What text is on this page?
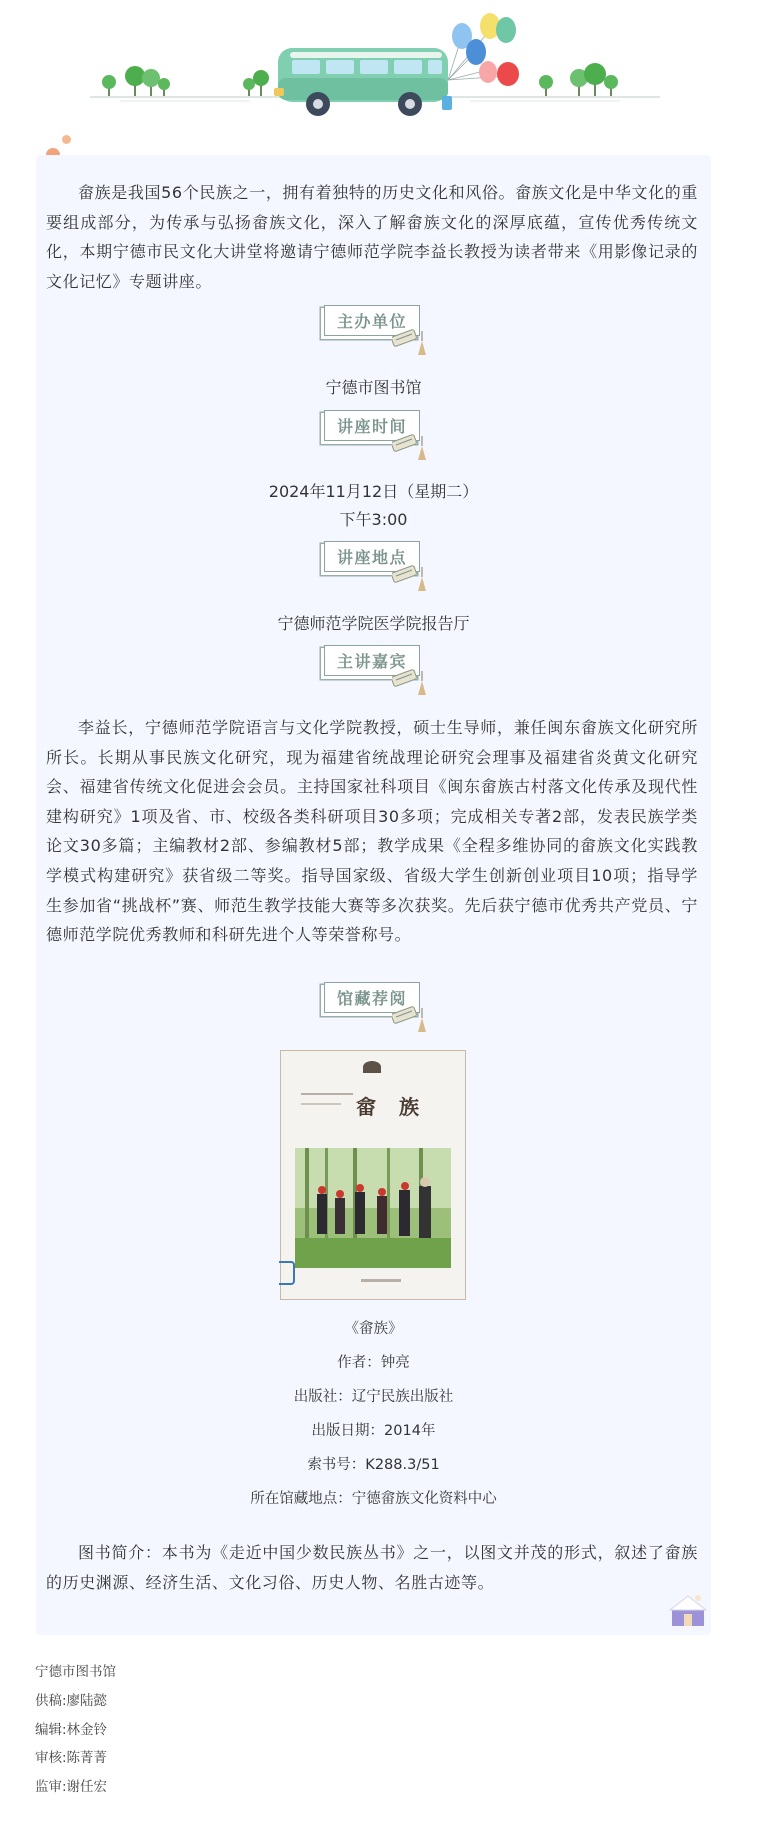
畲族是我国56个民族之一，拥有着独特的历史文化和风俗。畲族文化是中华文化的重要组成部分，为传承与弘扬畲族文化，深入了解畲族文化的深厚底蕴，宣传优秀传统文化，本期宁德市民文化大讲堂将邀请宁德师范学院李益长教授为读者带来《用影像记录的文化记忆》专题讲座。

主办单位
宁德市图书馆
讲座时间
2024年11月12日（星期二）
下午3:00
讲座地点
宁德师范学院医学院报告厅
主讲嘉宾

李益长，宁德师范学院语言与文化学院教授，硕士生导师，兼任闽东畲族文化研究所所长。长期从事民族文化研究，现为福建省统战理论研究会理事及福建省炎黄文化研究会、福建省传统文化促进会会员。主持国家社科项目《闽东畲族古村落文化传承及现代性建构研究》1项及省、市、校级各类科研项目30多项；完成相关专著2部，发表民族学类论文30多篇；主编教材2部、参编教材5部；教学成果《全程多维协同的畲族文化实践教学模式构建研究》获省级二等奖。指导国家级、省级大学生创新创业项目10项；指导学生参加省“挑战杯”赛、师范生教学技能大赛等多次获奖。先后获宁德市优秀共产党员、宁德师范学院优秀教师和科研先进个人等荣誉称号。

馆藏荐阅
畲 族
《畲族》
作者：钟亮
出版社：辽宁民族出版社
出版日期：2014年
索书号：K288.3/51
所在馆藏地点：宁德畲族文化资料中心

图书简介：本书为《走近中国少数民族丛书》之一，以图文并茂的形式，叙述了畲族的历史渊源、经济生活、文化习俗、历史人物、名胜古迹等。

宁德市图书馆
供稿:廖陆懿
编辑:林金铃
审核:陈菁菁
监审:谢任宏
